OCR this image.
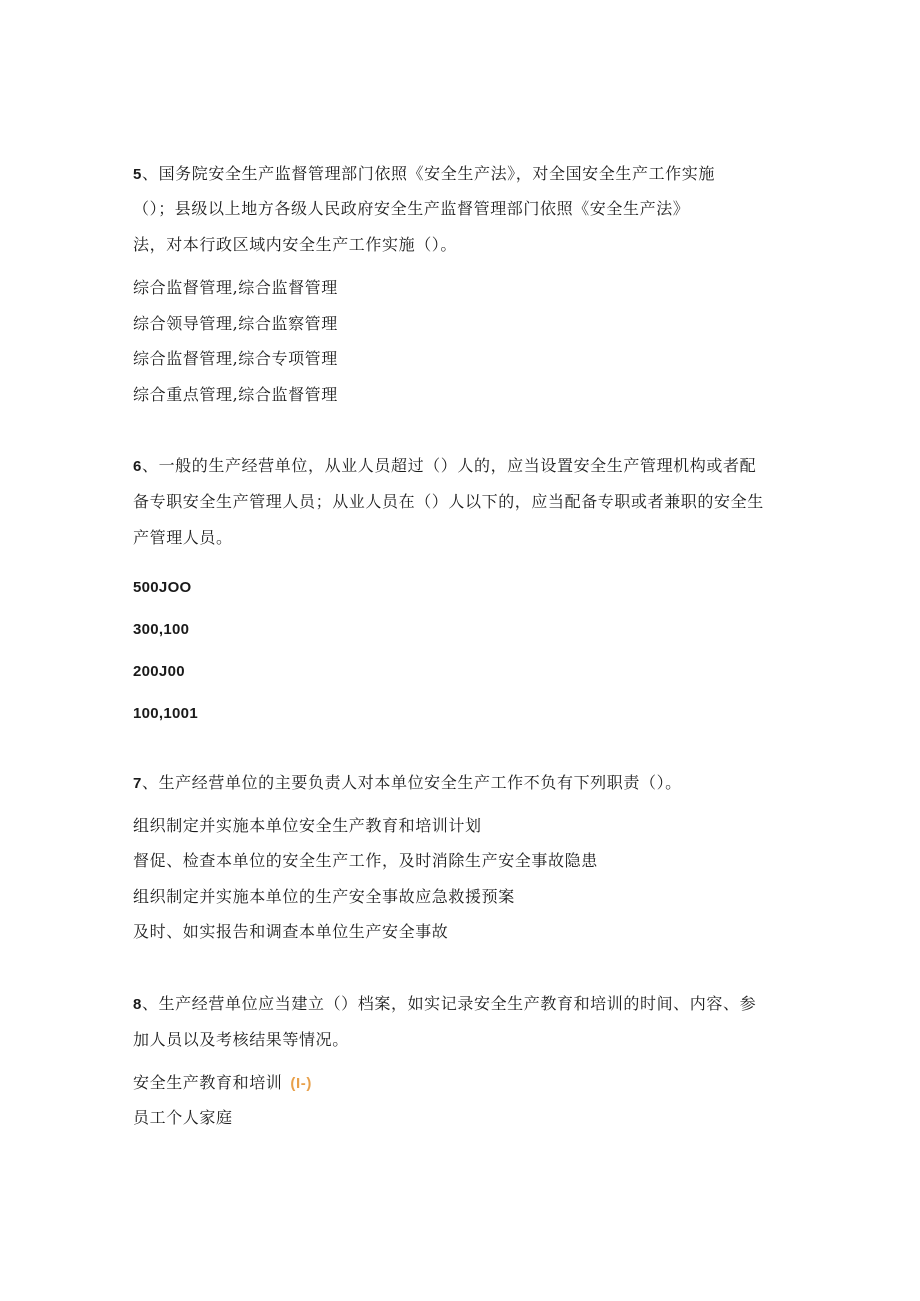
5、国务院安全生产监督管理部门依照《安全生产法》，对全国安全生产工作实施
（）；县级以上地方各级人民政府安全生产监督管理部门依照《安全生产法》
法，对本行政区域内安全生产工作实施（）。
综合监督管理,综合监督管理
综合领导管理,综合监察管理
综合监督管理,综合专项管理
综合重点管理,综合监督管理
6、一般的生产经营单位，从业人员超过（）人的，应当设置安全生产管理机构或者配
备专职安全生产管理人员；从业人员在（）人以下的，应当配备专职或者兼职的安全生
产管理人员。
500JOO
300,100
200J00
100,1001
7、生产经营单位的主要负责人对本单位安全生产工作不负有下列职责（）。
组织制定并实施本单位安全生产教育和培训计划
督促、检查本单位的安全生产工作，及时消除生产安全事故隐患
组织制定并实施本单位的生产安全事故应急救援预案
及时、如实报告和调查本单位生产安全事故
8、生产经营单位应当建立（）档案，如实记录安全生产教育和培训的时间、内容、参
加人员以及考核结果等情况。
安全生产教育和培训 (I-)
员工个人家庭
